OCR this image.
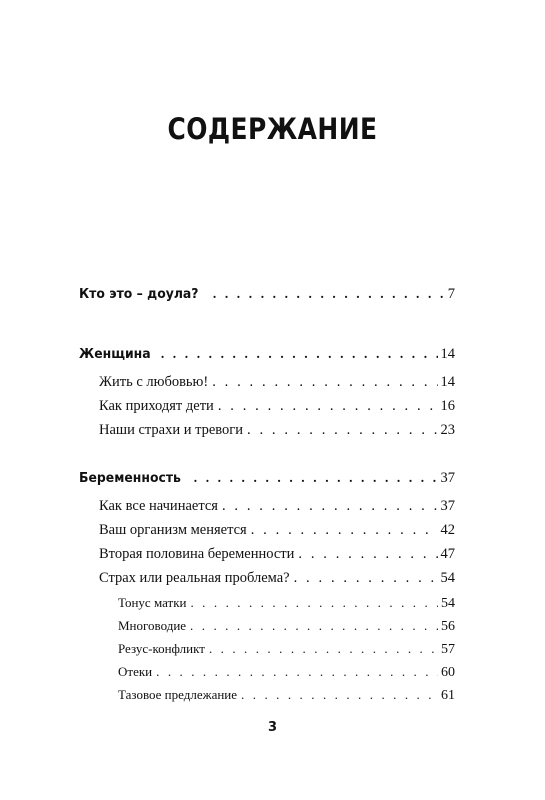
СОДЕРЖАНИЕ
Кто это – доула? . . .	7
Женщина . . .	14
Жить с любовью! . . .	14
Как приходят дети . . .	16
Наши страхи и тревоги . . .	23
Беременность . . .	37
Как все начинается . . .	37
Ваш организм меняется . . .	42
Вторая половина беременности . . .	47
Страх или реальная проблема? . . .	54
Тонус матки . . .	54
Многоводие . . .	56
Резус-конфликт . . .	57
Отеки . . .	60
Тазовое предлежание . . .	61
3
